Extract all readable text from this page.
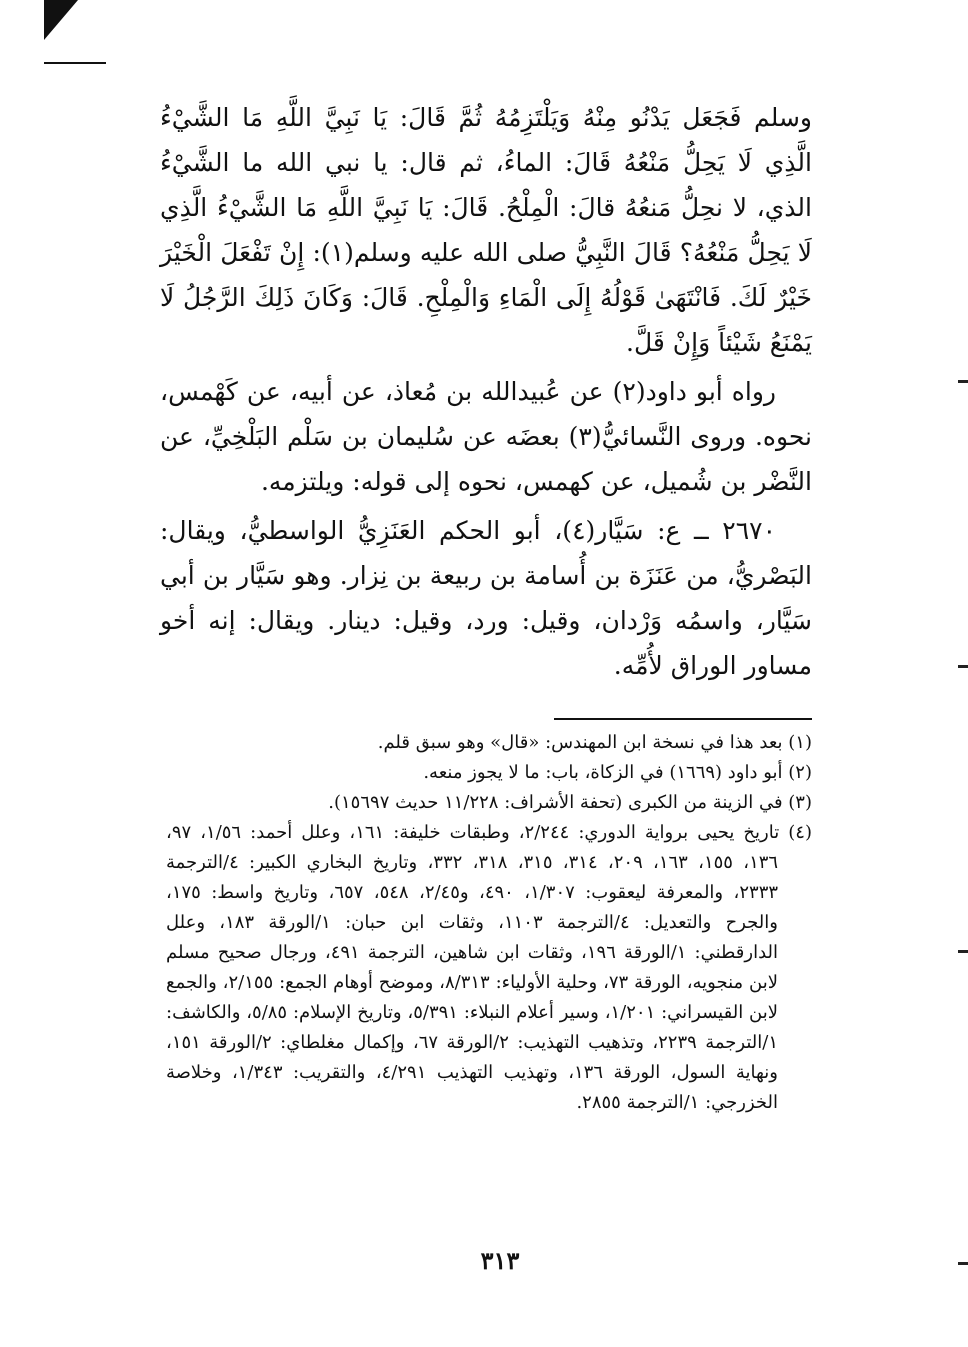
وسلم فَجَعَل يَدْنُو مِنْهُ وَيَلْتَزِمُهُ ثُمَّ قَالَ: يَا نَبِيَّ اللَّهِ مَا الشَّيْءُ الَّذِي لَا يَحِلُّ مَنْعُهُ قَالَ: الماءُ، ثم قال: يا نبي الله ما الشَّيْءُ الذي، لا نحِلُّ مَنعُهُ قالَ: الْمِلْحُ. قَالَ: يَا نَبِيَّ اللَّهِ مَا الشَّيْءُ الَّذِي لَا يَحِلُّ مَنْعُهُ؟ قَالَ النَّبِيُّ صلى الله عليه وسلم(١): إِنْ تَفْعَلَ الْخَيْرَ خَيْرٌ لَكَ. فَانْتَهَىٰ قَوْلُهُ إِلَى الْمَاءِ وَالْمِلْحِ. قَالَ: وَكَانَ ذَلِكَ الرَّجُلُ لَا يَمْنَعُ شَيْئاً وَإِنْ قَلَّ.

رواه أبو داود(٢) عن عُبيدالله بن مُعاذ، عن أبيه، عن كَهْمس، نحوه. وروى النَّسائيُّ(٣) بعضَه عن سُليمان بن سَلْم البَلْخِيِّ، عن النَّضْر بن شُميل، عن كهمس، نحوه إلى قوله: ويلتزمه.

٢٦٧٠ ــ ع: سَيَّار(٤)، أبو الحكم العَنَزِيُّ الواسطيُّ، ويقال: البَصْريُّ، من عَنَزَة بن أُسامة بن ربيعة بن نِزار. وهو سَيَّار بن أبي سَيَّار، واسمُه وَرْدان، وقيل: ورد، وقيل: دينار. ويقال: إنه أخو مساور الوراق لأُمِّه.

(١) بعد هذا في نسخة ابن المهندس: «قال» وهو سبق قلم.

(٢) أبو داود (١٦٦٩) في الزكاة، باب: ما لا يجوز منعه.

(٣) في الزينة من الكبرى (تحفة الأشراف: ١١/٢٢٨ حديث ١٥٦٩٧).

(٤) تاريخ يحيى برواية الدوري: ٢/٢٤٤، وطبقات خليفة: ١٦١، وعلل أحمد: ١/٥٦، ٩٧، ١٣٦، ١٥٥، ١٦٣، ٢٠٩، ٣١٤، ٣١٥، ٣١٨، ٣٣٢، وتاريخ البخاري الكبير: ٤/الترجمة ٢٣٣٣، والمعرفة ليعقوب: ١/٣٠٧، ٤٩٠، و٢/٤٥، ٥٤٨، ٦٥٧، وتاريخ واسط: ١٧٥، والجرح والتعديل: ٤/الترجمة ١١٠٣، وثقات ابن حبان: ١/الورقة ١٨٣، وعلل الدارقطني: ١/الورقة ١٩٦، وثقات ابن شاهين، الترجمة ٤٩١، ورجال صحيح مسلم لابن منجويه، الورقة ٧٣، وحلية الأولياء: ٨/٣١٣، وموضح أوهام الجمع: ٢/١٥٥، والجمع لابن القيسراني: ١/٢٠١، وسير أعلام النبلاء: ٥/٣٩١، وتاريخ الإسلام: ٥/٨٥، والكاشف: ١/الترجمة ٢٢٣٩، وتذهيب التهذيب: ٢/الورقة ٦٧، وإكمال مغلطاي: ٢/الورقة ١٥١، ونهاية السول، الورقة ١٣٦، وتهذيب التهذيب ٤/٢٩١، والتقريب: ١/٣٤٣، وخلاصة الخزرجي: ١/الترجمة ٢٨٥٥.

٣١٣
